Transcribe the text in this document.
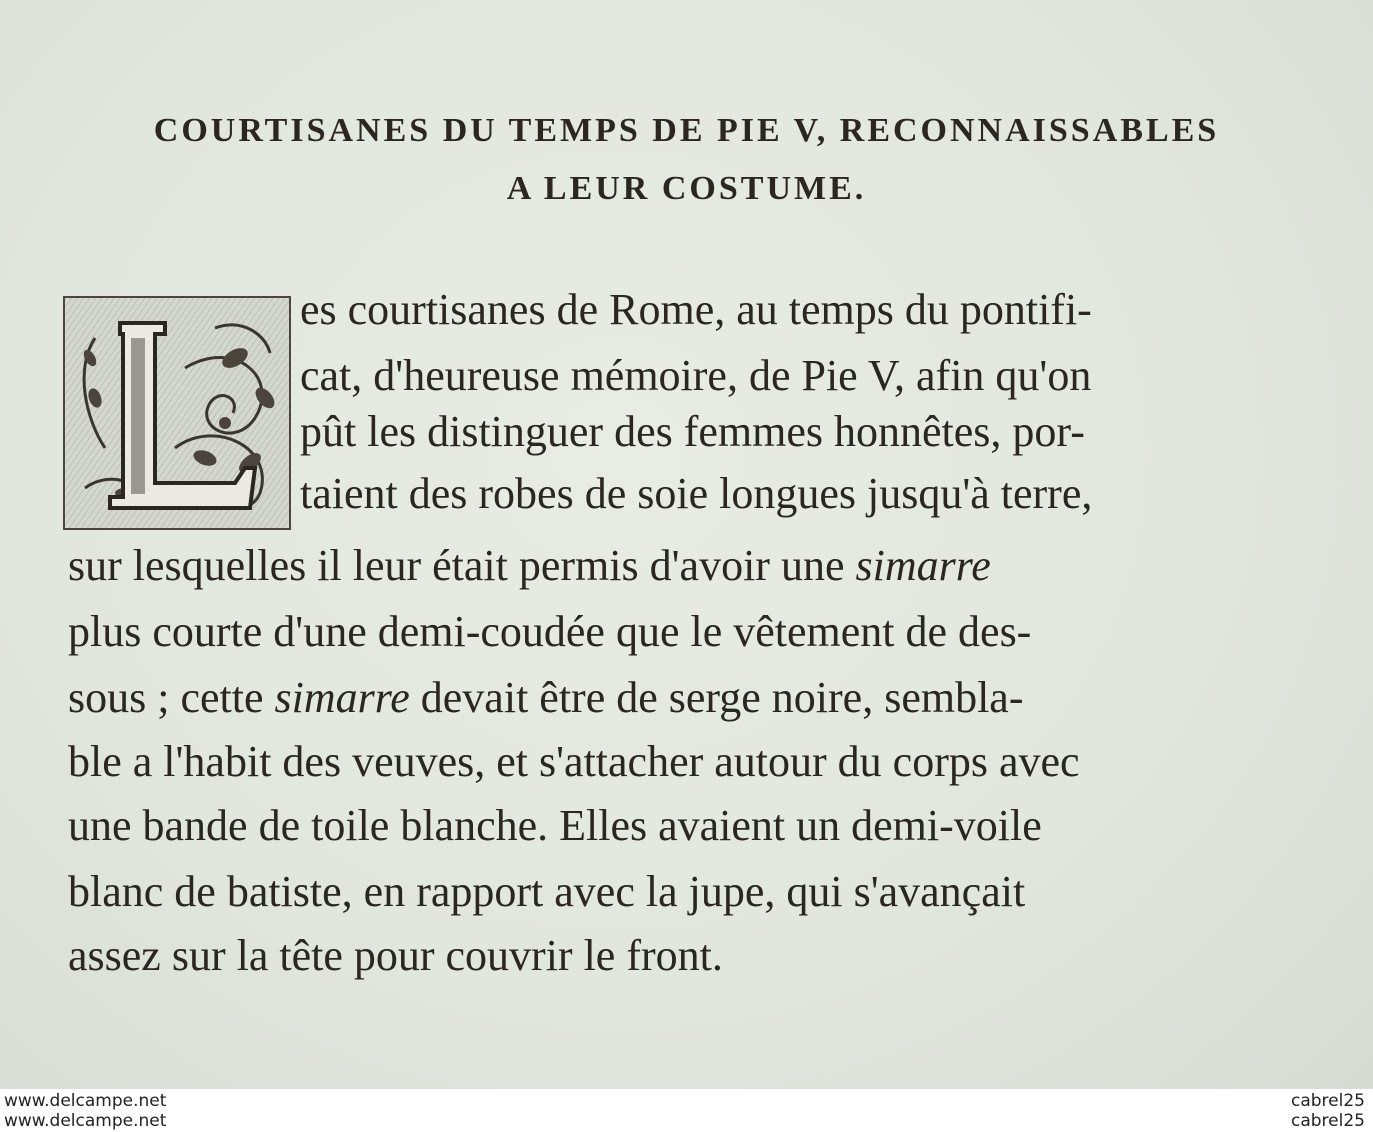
COURTISANES DU TEMPS DE PIE V, RECONNAISSABLES
A LEUR COSTUME.
es courtisanes de Rome, au temps du pontifi-
cat, d'heureuse mémoire, de Pie V, afin qu'on
pût les distinguer des femmes honnêtes, por-
taient des robes de soie longues jusqu'à terre,
sur lesquelles il leur était permis d'avoir une simarre
plus courte d'une demi-coudée que le vêtement de des-
sous ; cette simarre devait être de serge noire, sembla-
ble a l'habit des veuves, et s'attacher autour du corps avec
une bande de toile blanche. Elles avaient un demi-voile
blanc de batiste, en rapport avec la jupe, qui s'avançait
assez sur la tête pour couvrir le front.
www.delcampe.net	cabrel25
www.delcampe.net	cabrel25
